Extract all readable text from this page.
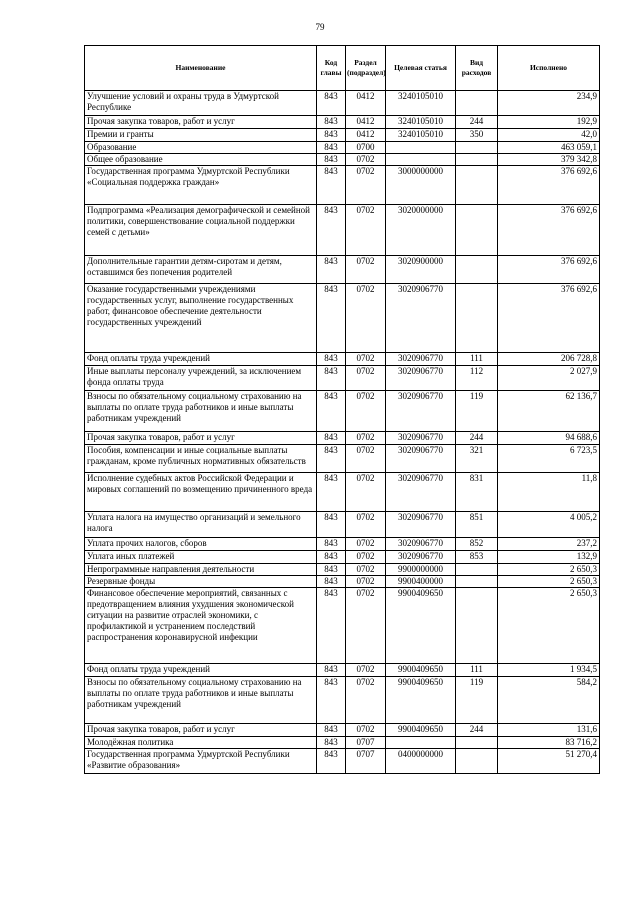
79
Наименование	Код главы	Раздел (подраздел)	Целевая статья	Вид расходов	Исполнено
Улучшение условий и охраны труда в Удмуртской Республике	843	0412	3240105010		234,9
Прочая закупка товаров, работ и услуг	843	0412	3240105010	244	192,9
Премии и гранты	843	0412	3240105010	350	42,0
Образование	843	0700			463 059,1
Общее образование	843	0702			379 342,8
Государственная программа Удмуртской Республики «Социальная поддержка граждан»	843	0702	3000000000		376 692,6
Подпрограмма «Реализация демографической и семейной политики, совершенствование социальной поддержки семей с детьми»	843	0702	3020000000		376 692,6
Дополнительные гарантии детям-сиротам и детям, оставшимся без попечения родителей	843	0702	3020900000		376 692,6
Оказание государственными учреждениями государственных услуг, выполнение государственных работ, финансовое обеспечение деятельности государственных учреждений	843	0702	3020906770		376 692,6
Фонд оплаты труда учреждений	843	0702	3020906770	111	206 728,8
Иные выплаты персоналу учреждений, за исключением фонда оплаты труда	843	0702	3020906770	112	2 027,9
Взносы по обязательному социальному страхованию на выплаты по оплате труда работников и иные выплаты работникам учреждений	843	0702	3020906770	119	62 136,7
Прочая закупка товаров, работ и услуг	843	0702	3020906770	244	94 688,6
Пособия, компенсации и иные социальные выплаты гражданам, кроме публичных нормативных обязательств	843	0702	3020906770	321	6 723,5
Исполнение судебных актов Российской Федерации и мировых соглашений по возмещению причиненного вреда	843	0702	3020906770	831	11,8
Уплата налога на имущество организаций и земельного налога	843	0702	3020906770	851	4 005,2
Уплата прочих налогов, сборов	843	0702	3020906770	852	237,2
Уплата иных платежей	843	0702	3020906770	853	132,9
Непрограммные направления деятельности	843	0702	9900000000		2 650,3
Резервные фонды	843	0702	9900400000		2 650,3
Финансовое обеспечение мероприятий, связанных с предотвращением влияния ухудшения экономической ситуации на развитие отраслей экономики, с профилактикой и устранением последствий распространения коронавирусной инфекции	843	0702	9900409650		2 650,3
Фонд оплаты труда учреждений	843	0702	9900409650	111	1 934,5
Взносы по обязательному социальному страхованию на выплаты по оплате труда работников и иные выплаты работникам учреждений	843	0702	9900409650	119	584,2
Прочая закупка товаров, работ и услуг	843	0702	9900409650	244	131,6
Молодёжная политика	843	0707			83 716,2
Государственная программа Удмуртской Республики «Развитие образования»	843	0707	0400000000		51 270,4
